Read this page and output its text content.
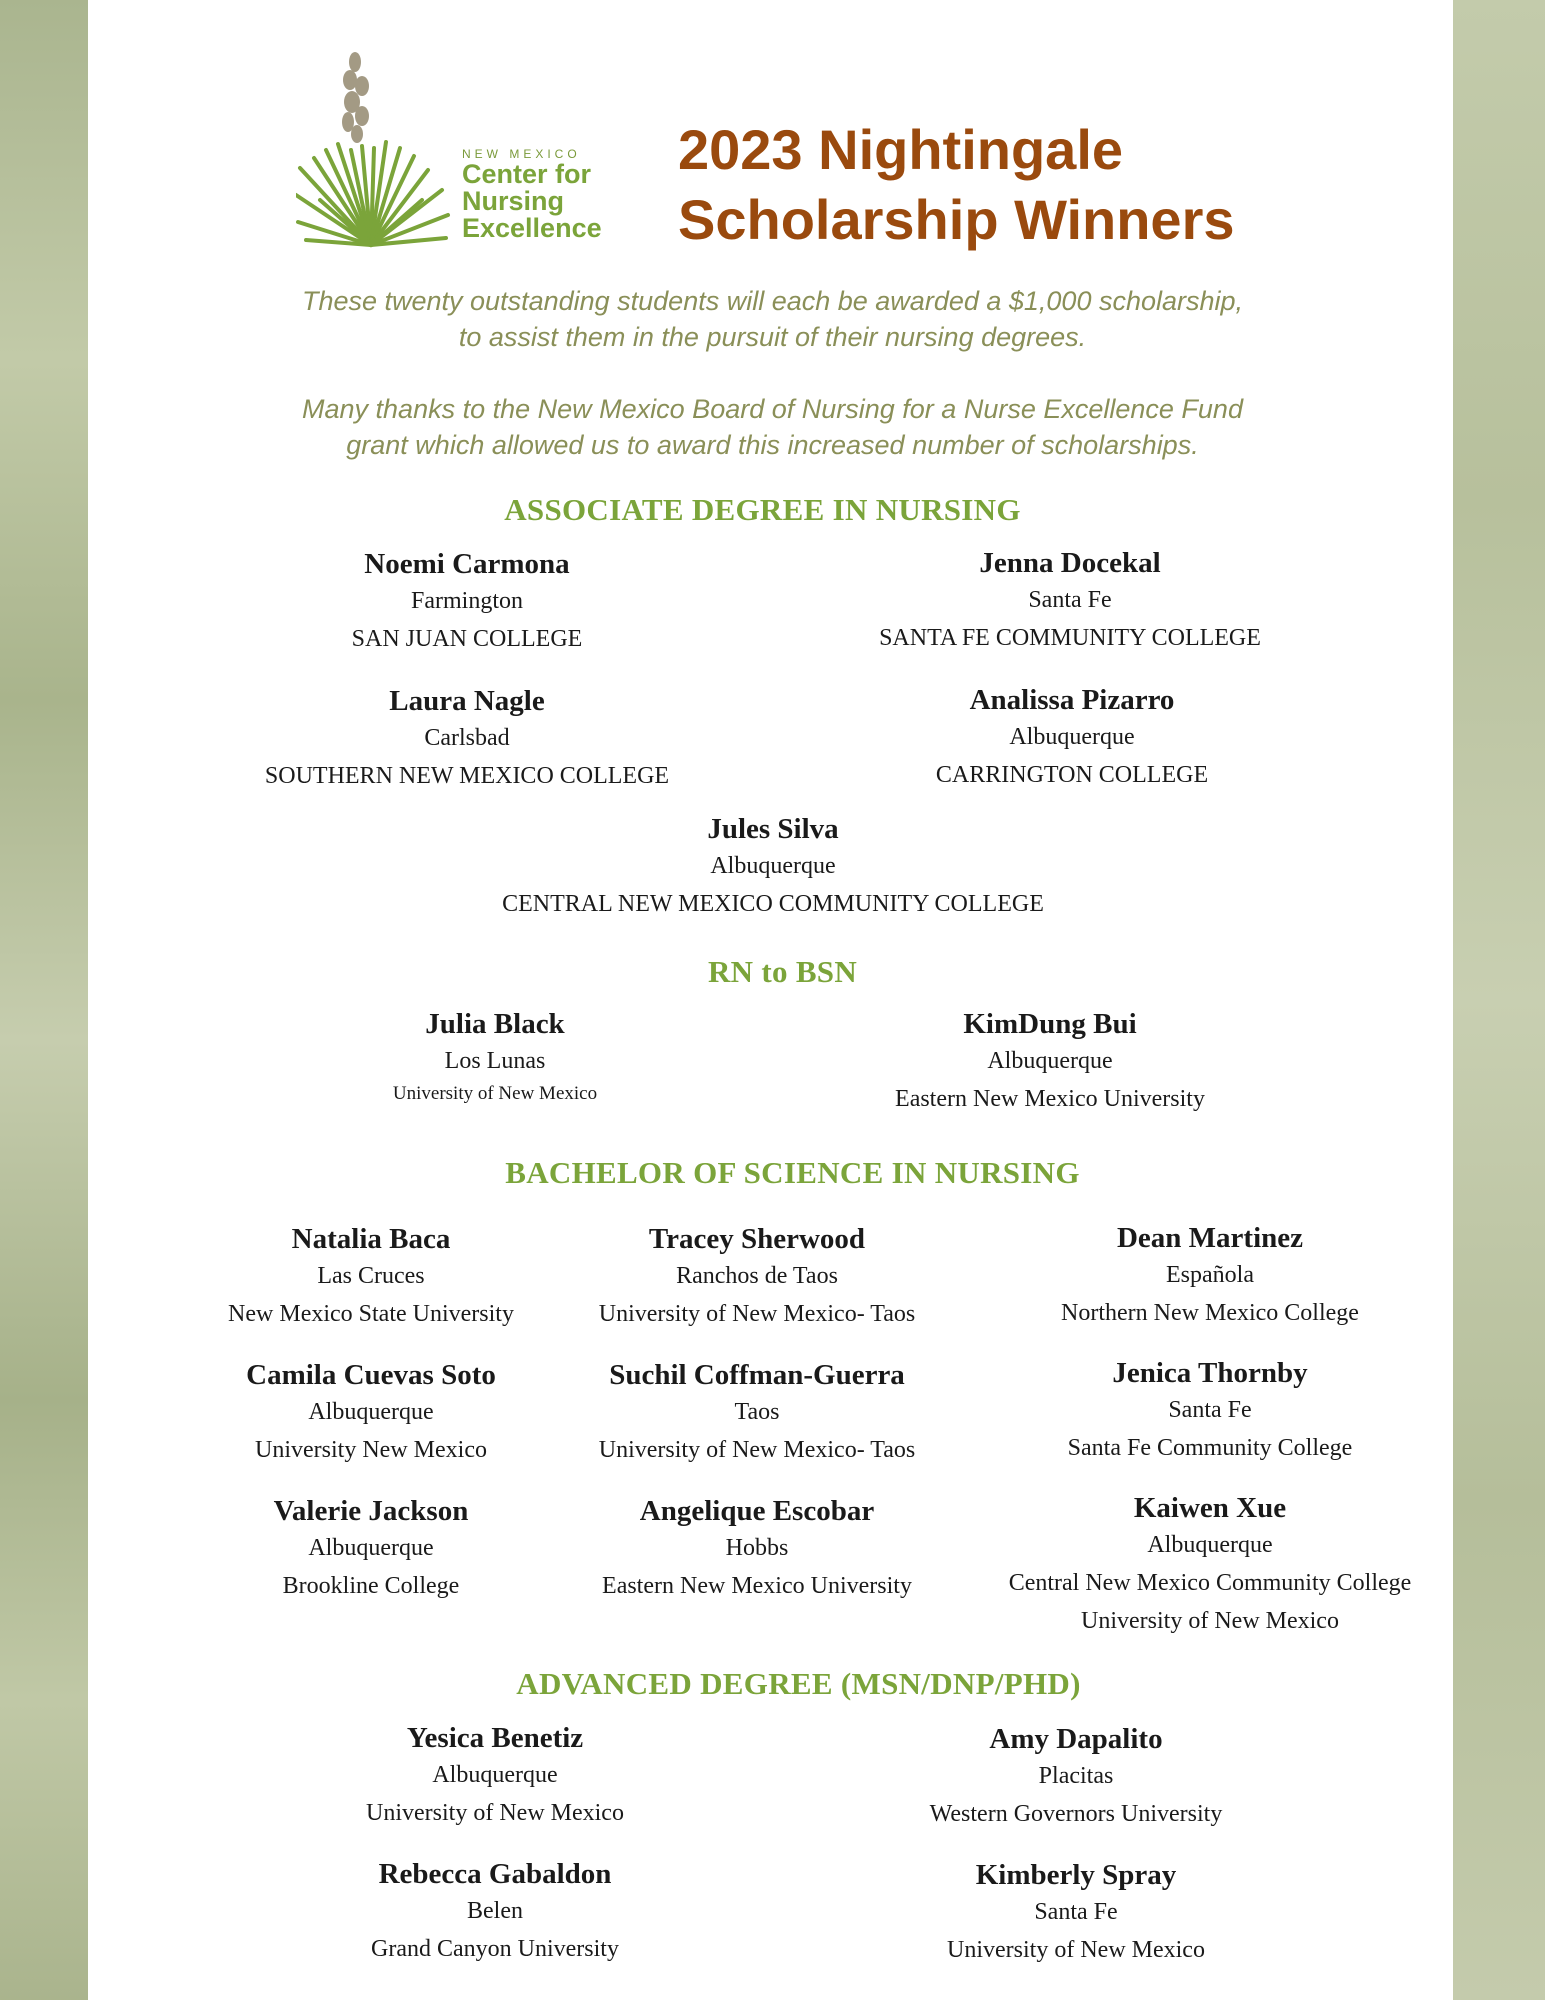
NEW MEXICO
Center for
Nursing
Excellence
2023 Nightingale
Scholarship Winners
These twenty outstanding students will each be awarded a $1,000 scholarship,
to assist them in the pursuit of their nursing degrees.
Many thanks to the New Mexico Board of Nursing for a Nurse Excellence Fund
grant which allowed us to award this increased number of scholarships.
ASSOCIATE DEGREE IN NURSING
Noemi Carmona
Farmington
SAN JUAN COLLEGE
Jenna Docekal
Santa Fe
SANTA FE COMMUNITY COLLEGE
Laura Nagle
Carlsbad
SOUTHERN NEW MEXICO COLLEGE
Analissa Pizarro
Albuquerque
CARRINGTON COLLEGE
Jules Silva
Albuquerque
CENTRAL NEW MEXICO COMMUNITY COLLEGE
RN to BSN
Julia Black
Los Lunas
University of New Mexico
KimDung Bui
Albuquerque
Eastern New Mexico University
BACHELOR OF SCIENCE IN NURSING
Natalia Baca
Las Cruces
New Mexico State University
Tracey Sherwood
Ranchos de Taos
University of New Mexico- Taos
Dean Martinez
Española
Northern New Mexico College
Camila Cuevas Soto
Albuquerque
University New Mexico
Suchil Coffman-Guerra
Taos
University of New Mexico- Taos
Jenica Thornby
Santa Fe
Santa Fe Community College
Valerie Jackson
Albuquerque
Brookline College
Angelique Escobar
Hobbs
Eastern New Mexico University
Kaiwen Xue
Albuquerque
Central New Mexico Community College
University of New Mexico
ADVANCED DEGREE (MSN/DNP/PHD)
Yesica Benetiz
Albuquerque
University of New Mexico
Amy Dapalito
Placitas
Western Governors University
Rebecca Gabaldon
Belen
Grand Canyon University
Kimberly Spray
Santa Fe
University of New Mexico
